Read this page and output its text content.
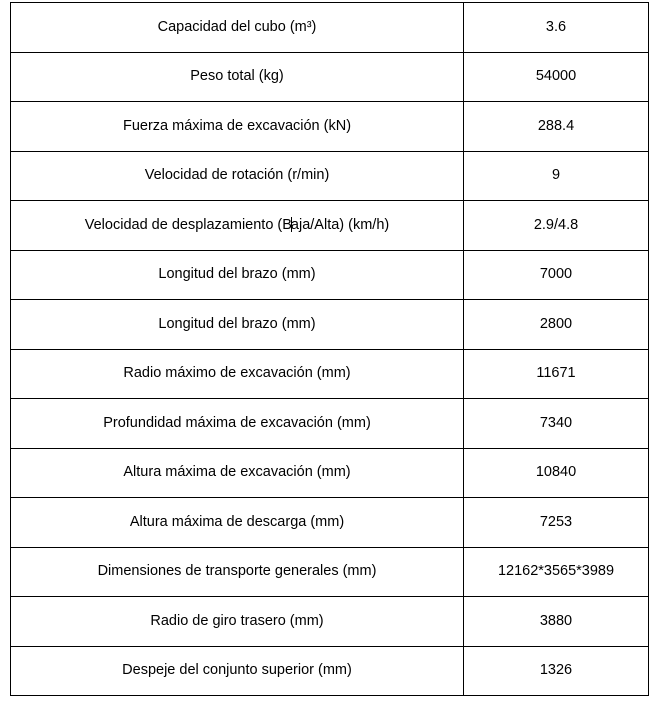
Capacidad del cubo (m³)	3.6
Peso total (kg)	54000
Fuerza máxima de excavación (kN)	288.4
Velocidad de rotación (r/min)	9
Velocidad de desplazamiento (Baja/Alta) (km/h)	2.9/4.8
Longitud del brazo (mm)	7000
Longitud del brazo (mm)	2800
Radio máximo de excavación (mm)	11671
Profundidad máxima de excavación (mm)	7340
Altura máxima de excavación (mm)	10840
Altura máxima de descarga (mm)	7253
Dimensiones de transporte generales (mm)	12162*3565*3989
Radio de giro trasero (mm)	3880
Despeje del conjunto superior (mm)	1326
